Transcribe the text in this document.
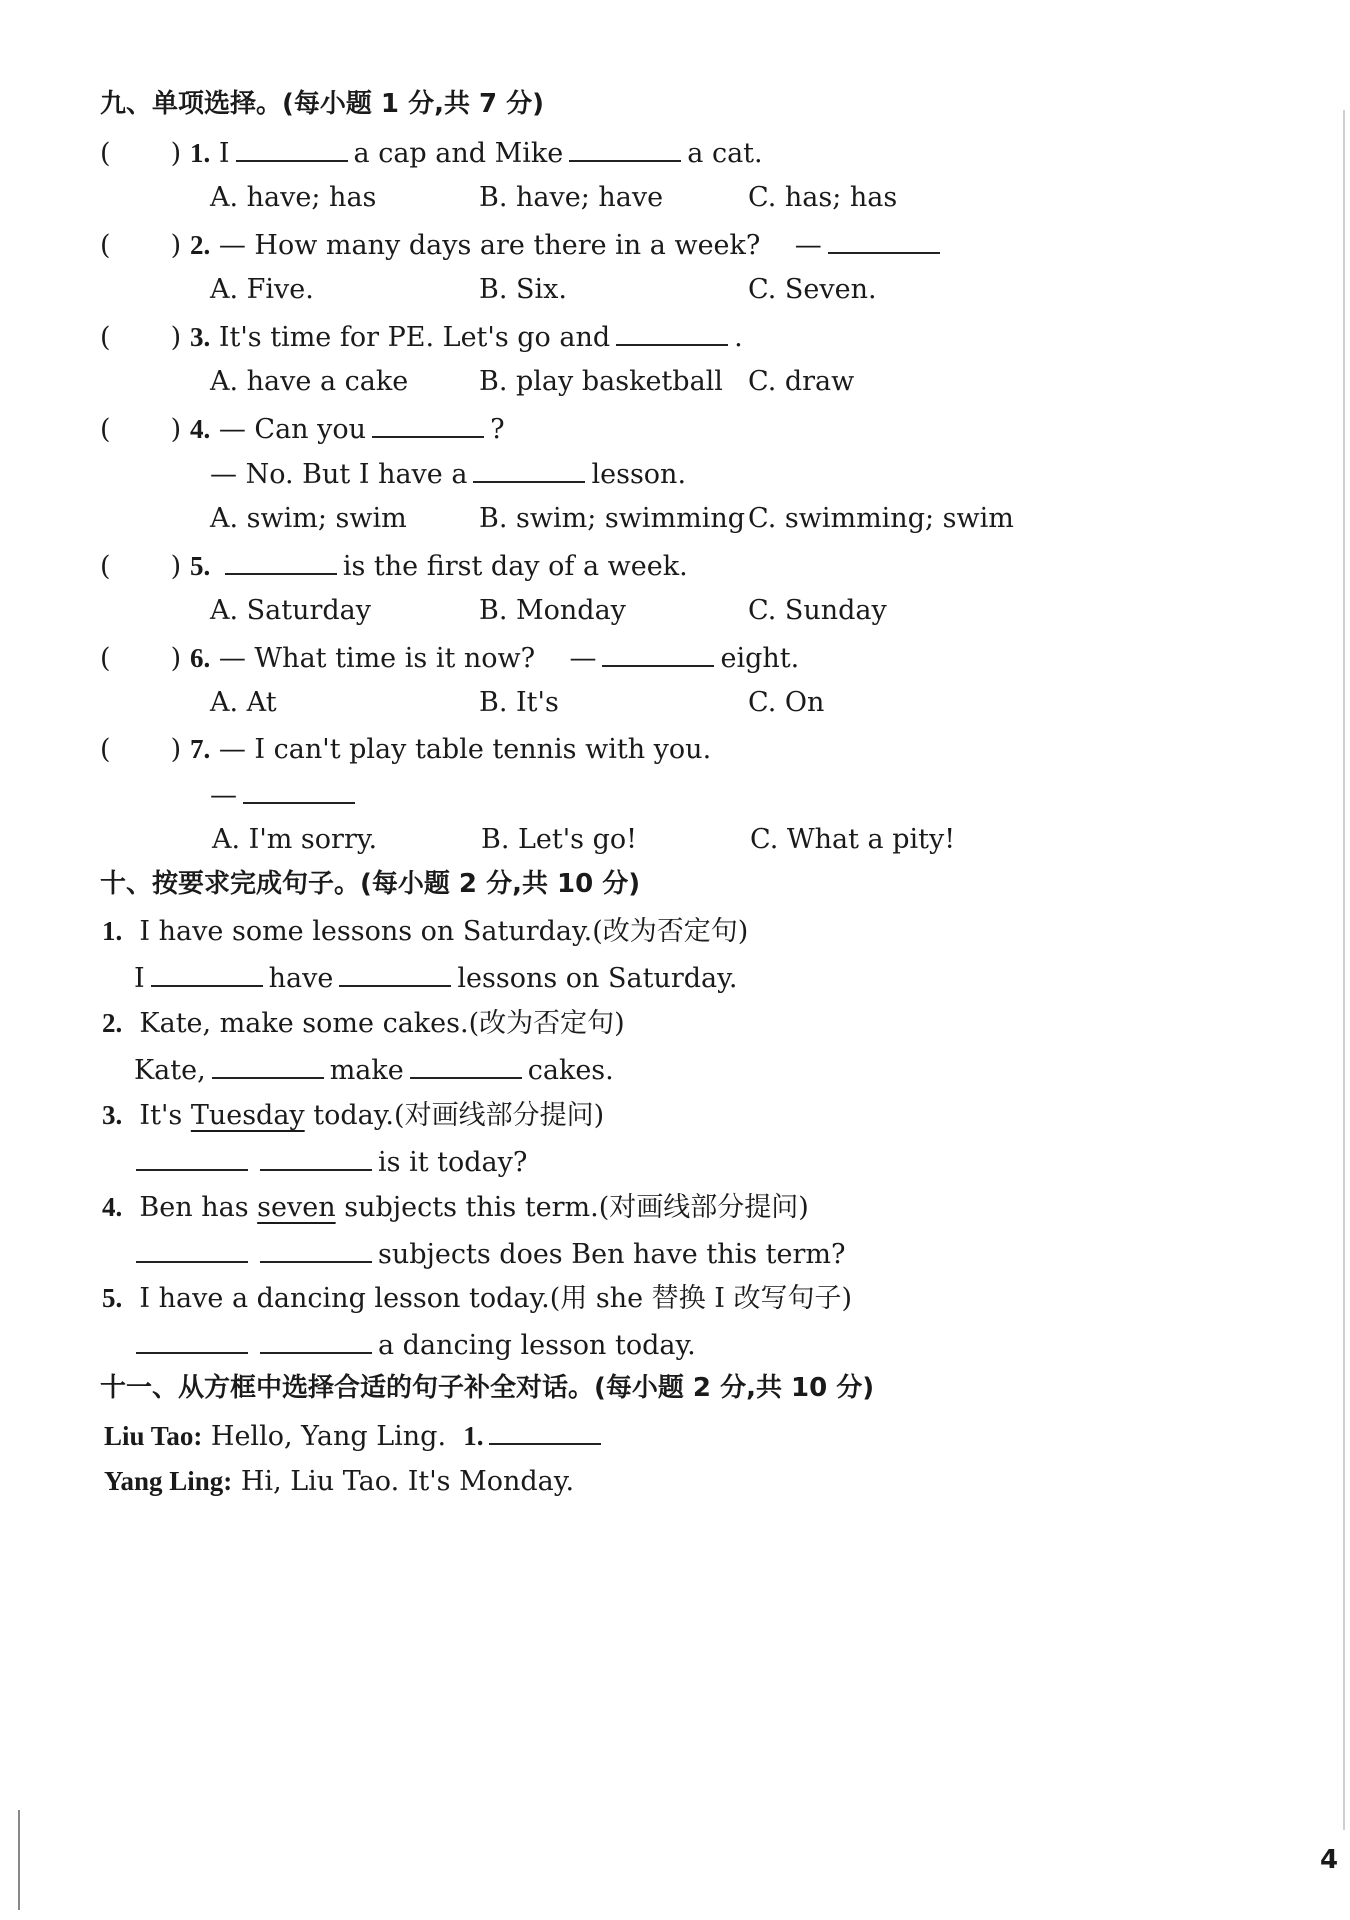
九、单项选择。(每小题 1 分,共 7 分)
(       ) 1. I	a cap and Mike	a cat.
A. have; has	B. have; have	C. has; has
(       ) 2. — How many days are there in a week? —
A. Five.	B. Six.	C. Seven.
(       ) 3. It's time for PE. Let's go and	.
A. have a cake	B. play basketball C. draw
(       ) 4. — Can you	?
— No. But I have a	lesson.
A. swim; swim	B. swim; swimming C. swimming; swim
(       ) 5.	is the first day of a week.
A. Saturday	B. Monday	C. Sunday
(       ) 6. — What time is it now? —	eight.
A. At	B. It's	C. On
(       ) 7. — I can't play table tennis with you.
—
A. I'm sorry.	B. Let's go!	C. What a pity!
十、按要求完成句子。(每小题 2 分,共 10 分)
1. I have some lessons on Saturday.(改为否定句)
I	have	lessons on Saturday.
2. Kate, make some cakes.(改为否定句)
Kate,	make	cakes.
3. It's Tuesday today.(对画线部分提问)
is it today?
4. Ben has seven subjects this term.(对画线部分提问)
subjects does Ben have this term?
5. I have a dancing lesson today.(用 she 替换 I 改写句子)
a dancing lesson today.
十一、从方框中选择合适的句子补全对话。(每小题 2 分,共 10 分)
Liu Tao: Hello, Yang Ling. 1.
Yang Ling: Hi, Liu Tao. It's Monday.
4
